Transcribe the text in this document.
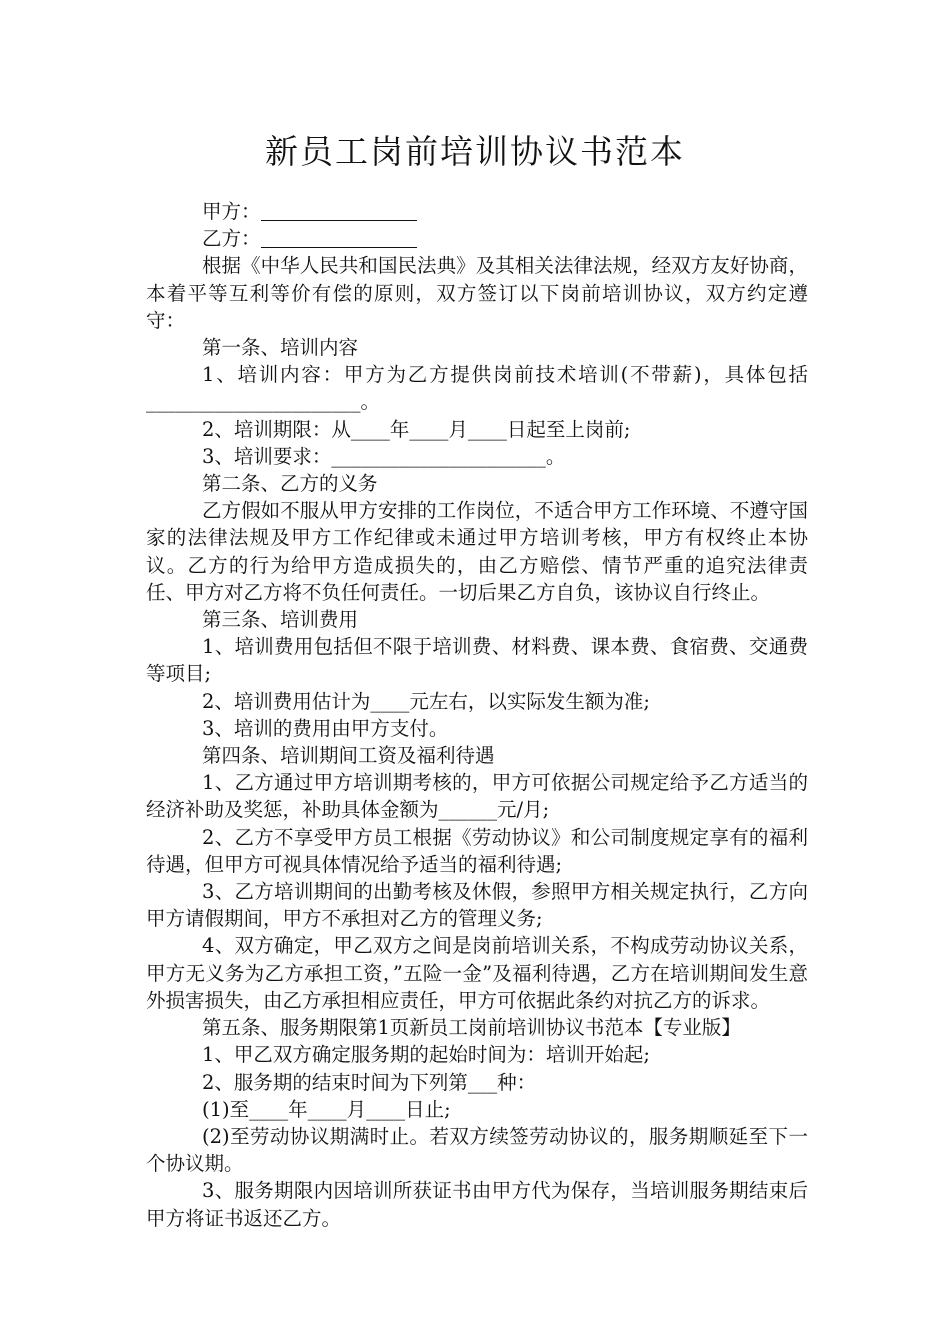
新员工岗前培训协议书范本

甲方：

乙方：

根据《中华人民共和国民法典》及其相关法律法规，经双方友好协商，本着平等互利等价有偿的原则，双方签订以下岗前培训协议，双方约定遵守：

第一条、培训内容

1、培训内容：甲方为乙方提供岗前技术培训(不带薪)，具体包括______________________。

2、培训期限：从____年____月____日起至上岗前;

3、培训要求：______________________。

第二条、乙方的义务

乙方假如不服从甲方安排的工作岗位，不适合甲方工作环境、不遵守国家的法律法规及甲方工作纪律或未通过甲方培训考核，甲方有权终止本协议。乙方的行为给甲方造成损失的，由乙方赔偿、情节严重的追究法律责任、甲方对乙方将不负任何责任。一切后果乙方自负，该协议自行终止。

第三条、培训费用

1、培训费用包括但不限于培训费、材料费、课本费、食宿费、交通费等项目;

2、培训费用估计为____元左右，以实际发生额为准;

3、培训的费用由甲方支付。

第四条、培训期间工资及福利待遇

1、乙方通过甲方培训期考核的，甲方可依据公司规定给予乙方适当的经济补助及奖惩，补助具体金额为______元/月;

2、乙方不享受甲方员工根据《劳动协议》和公司制度规定享有的福利待遇，但甲方可视具体情况给予适当的福利待遇;

3、乙方培训期间的出勤考核及休假，参照甲方相关规定执行，乙方向甲方请假期间，甲方不承担对乙方的管理义务;

4、双方确定，甲乙双方之间是岗前培训关系，不构成劳动协议关系，甲方无义务为乙方承担工资，”五险一金”及福利待遇，乙方在培训期间发生意外损害损失，由乙方承担相应责任，甲方可依据此条约对抗乙方的诉求。

第五条、服务期限第1页新员工岗前培训协议书范本【专业版】

1、甲乙双方确定服务期的起始时间为：培训开始起;

2、服务期的结束时间为下列第___种：

(1)至____年____月____日止;

(2)至劳动协议期满时止。若双方续签劳动协议的，服务期顺延至下一个协议期。

3、服务期限内因培训所获证书由甲方代为保存，当培训服务期结束后甲方将证书返还乙方。
